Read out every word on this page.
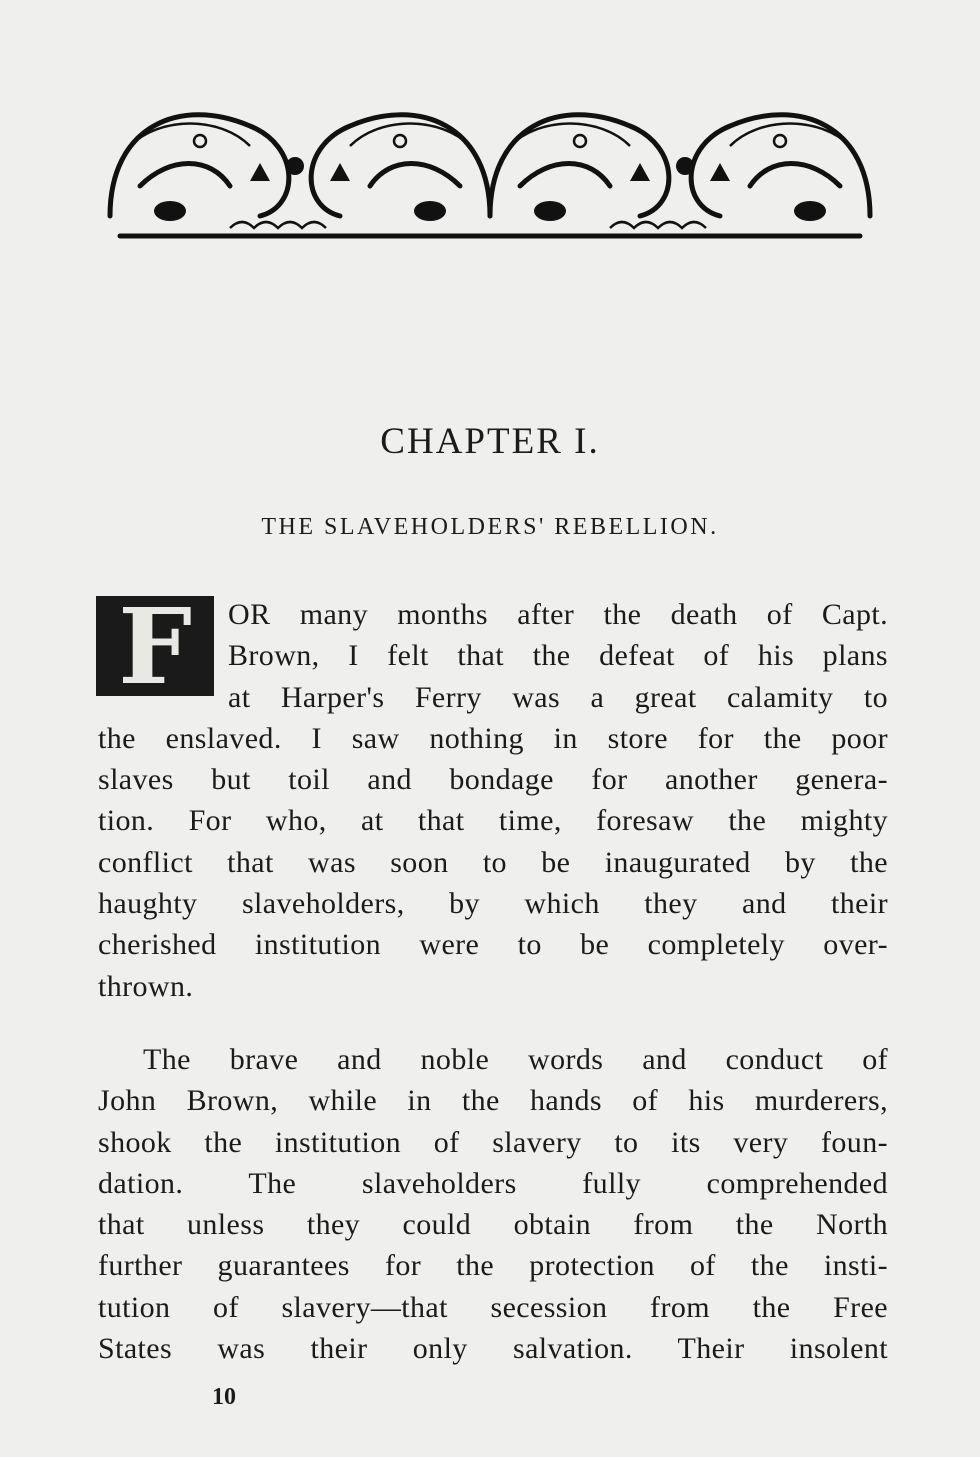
CHAPTER I.
THE SLAVEHOLDERS' REBELLION.
F	OR many months after the death of Capt.
Brown, I felt that the defeat of his plans
at Harper's Ferry was a great calamity to
the enslaved. I saw nothing in store for the poor
slaves but toil and bondage for another genera-
tion. For who, at that time, foresaw the mighty
conflict that was soon to be inaugurated by the
haughty slaveholders, by which they and their
cherished institution were to be completely over-
thrown.
The brave and noble words and conduct of
John Brown, while in the hands of his murderers,
shook the institution of slavery to its very foun-
dation. The slaveholders fully comprehended
that unless they could obtain from the North
further guarantees for the protection of the insti-
tution of slavery—that secession from the Free
States was their only salvation. Their insolent
10
